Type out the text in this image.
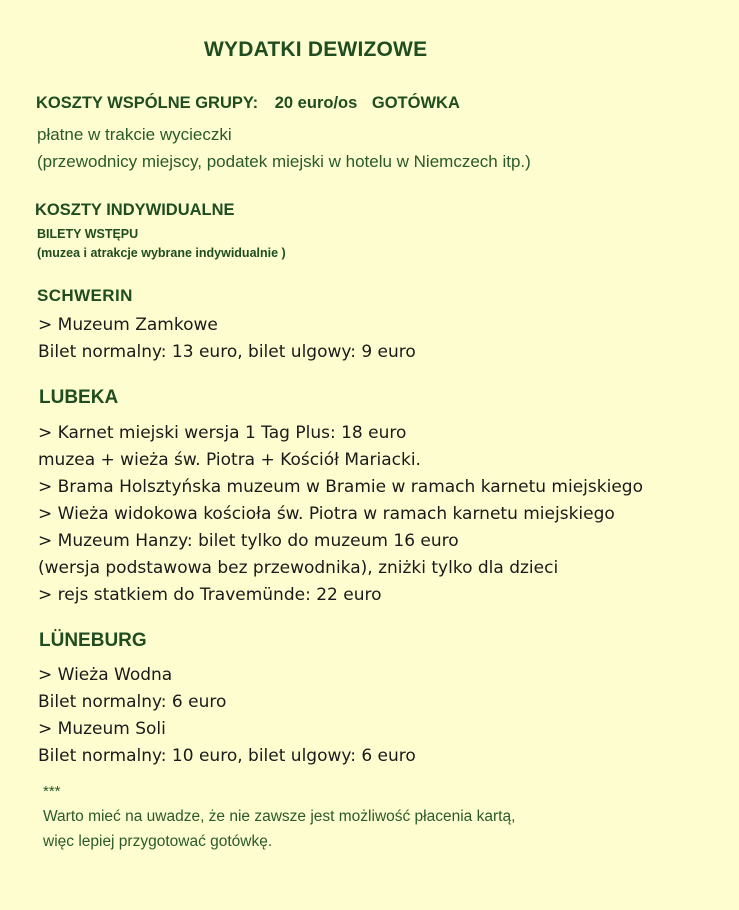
WYDATKI DEWIZOWE
KOSZTY WSPÓLNE GRUPY: 20 euro/os GOTÓWKA
płatne w trakcie wycieczki
(przewodnicy miejscy, podatek miejski w hotelu w Niemczech itp.)
KOSZTY INDYWIDUALNE
BILETY WSTĘPU
(muzea i atrakcje wybrane indywidualnie )
SCHWERIN
> Muzeum Zamkowe
Bilet normalny: 13 euro, bilet ulgowy: 9 euro
LUBEKA
> Karnet miejski wersja 1 Tag Plus: 18 euro
muzea + wieża św. Piotra + Kościół Mariacki.
> Brama Holsztyńska muzeum w Bramie w ramach karnetu miejskiego
> Wieża widokowa kościoła św. Piotra w ramach karnetu miejskiego
> Muzeum Hanzy: bilet tylko do muzeum 16 euro
(wersja podstawowa bez przewodnika), zniżki tylko dla dzieci
> rejs statkiem do Travemünde: 22 euro
LÜNEBURG
> Wieża Wodna
Bilet normalny: 6 euro
> Muzeum Soli
Bilet normalny: 10 euro, bilet ulgowy: 6 euro
***
Warto mieć na uwadze, że nie zawsze jest możliwość płacenia kartą,
więc lepiej przygotować gotówkę.
